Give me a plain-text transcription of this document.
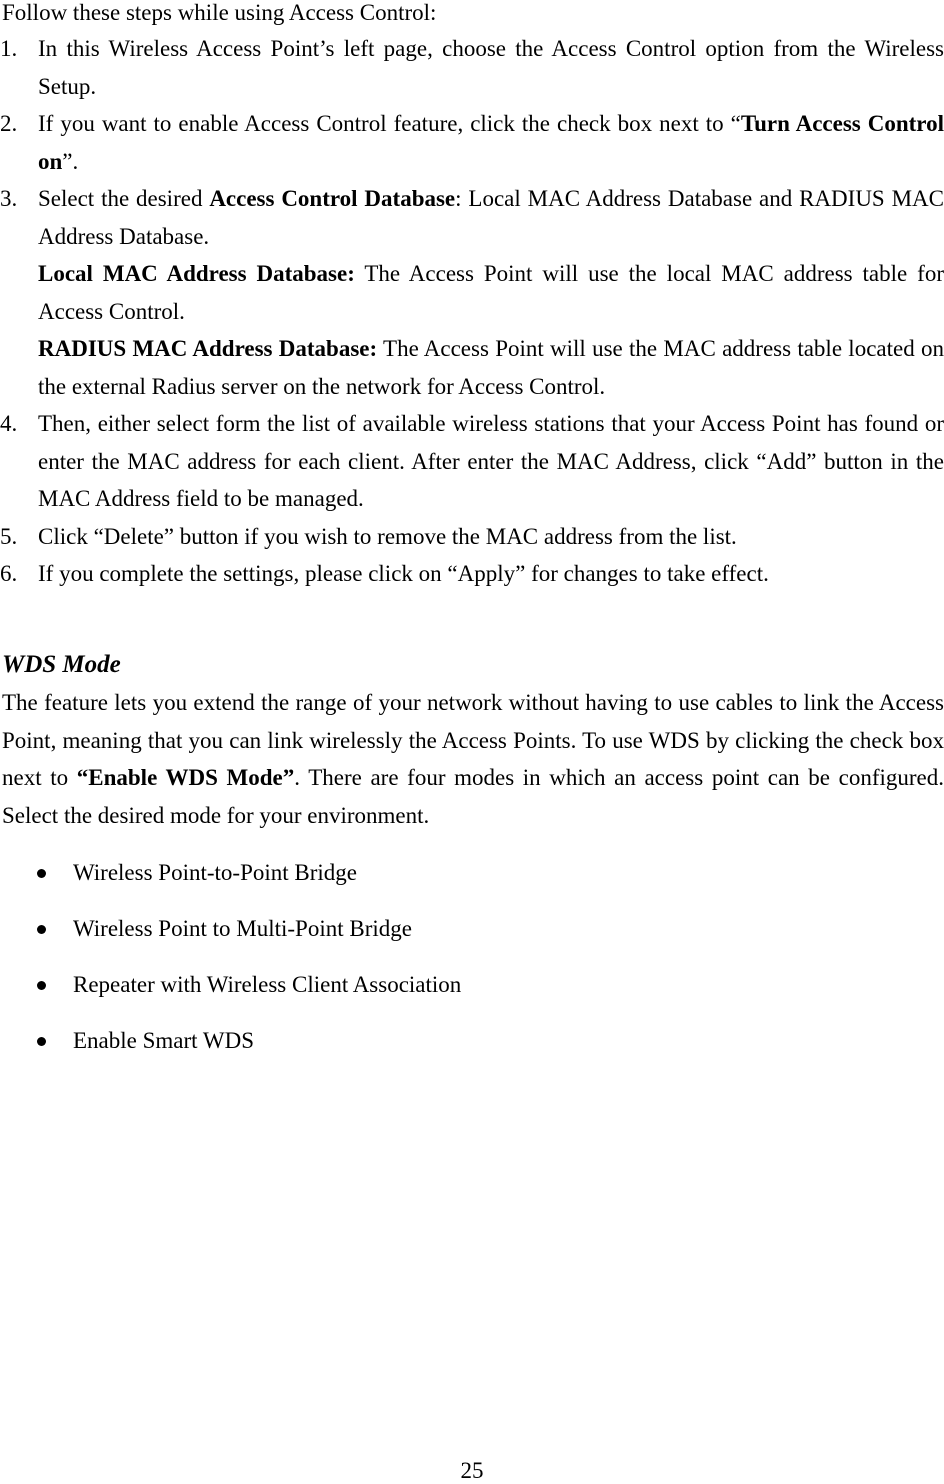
Follow these steps while using Access Control:
1. In this Wireless Access Point’s left page, choose the Access Control option from the Wireless Setup.
2. If you want to enable Access Control feature, click the check box next to “Turn Access Control on”.
3. Select the desired Access Control Database: Local MAC Address Database and RADIUS MAC Address Database.
Local MAC Address Database: The Access Point will use the local MAC address table for Access Control.
RADIUS MAC Address Database: The Access Point will use the MAC address table located on the external Radius server on the network for Access Control.
4. Then, either select form the list of available wireless stations that your Access Point has found or enter the MAC address for each client. After enter the MAC Address, click “Add” button in the MAC Address field to be managed.
5. Click “Delete” button if you wish to remove the MAC address from the list.
6. If you complete the settings, please click on “Apply” for changes to take effect.
WDS Mode
The feature lets you extend the range of your network without having to use cables to link the Access Point, meaning that you can link wirelessly the Access Points. To use WDS by clicking the check box next to “Enable WDS Mode”. There are four modes in which an access point can be configured. Select the desired mode for your environment.
Wireless Point-to-Point Bridge
Wireless Point to Multi-Point Bridge
Repeater with Wireless Client Association
Enable Smart WDS
25
